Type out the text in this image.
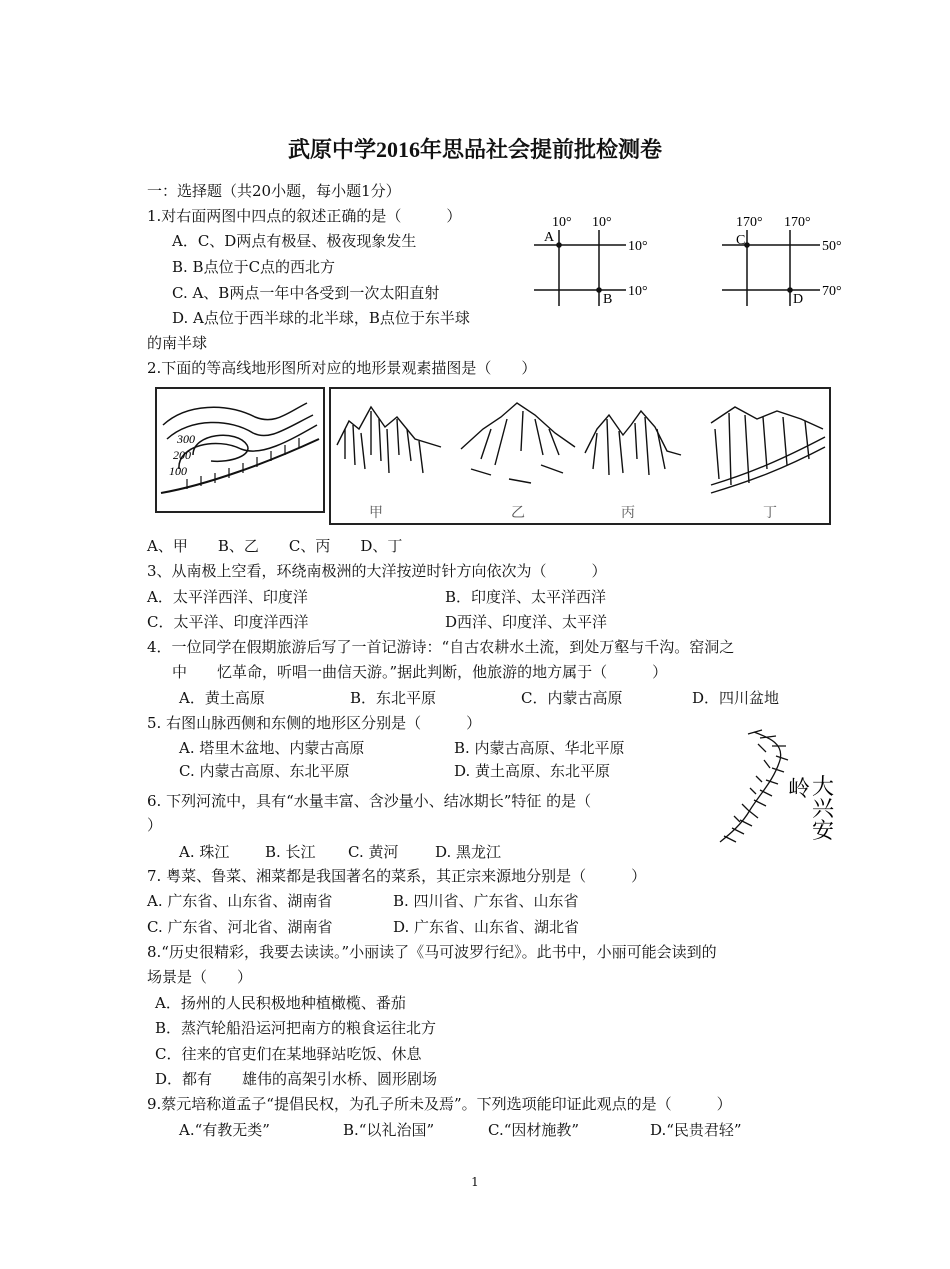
武原中学2016年思品社会提前批检测卷
一：选择题（共20小题，每小题1分）
1.对右面两图中四点的叙述正确的是（　　　）
A．C、D两点有极昼、极夜现象发生
B. B点位于C点的西北方
C. A、B两点一年中各受到一次太阳直射
D. A点位于西半球的北半球，B点位于东半球
的南半球
10° 10°
A
B
10°
10°
170° 170°
C
D
50°
70°
2.下面的等高线地形图所对应的地形景观素描图是（　　）
300
200
100
甲	乙	丙	丁
A、甲　　B、乙　　C、丙　　D、丁
3、从南极上空看，环绕南极洲的大洋按逆时针方向依次为（　　　）
A．太平洋西洋、印度洋	B．印度洋、太平洋西洋
C．太平洋、印度洋西洋	D西洋、印度洋、太平洋
4．一位同学在假期旅游后写了一首记游诗：“自古农耕水土流，到处万壑与千沟。窑洞之
中　　忆革命，听唱一曲信天游。”据此判断，他旅游的地方属于（　　　）
A．黄土高原	B．东北平原	C．内蒙古高原	D．四川盆地
5. 右图山脉西侧和东侧的地形区分别是（　　　）
A. 塔里木盆地、内蒙古高原	B. 内蒙古高原、华北平原
C. 内蒙古高原、东北平原	D. 黄土高原、东北平原
岭 大
兴
安
6. 下列河流中，具有“水量丰富、含沙量小、结冰期长”特征 的是（
）
A. 珠江 B. 长江 C. 黄河 D. 黑龙江
7. 粤菜、鲁菜、湘菜都是我国著名的菜系，其正宗来源地分别是（　　　）
A. 广东省、山东省、湖南省	B. 四川省、广东省、山东省
C. 广东省、河北省、湖南省	D. 广东省、山东省、湖北省
8.“历史很精彩，我要去读读。”小丽读了《马可波罗行纪》。此书中，小丽可能会读到的
场景是（　　）
A．扬州的人民积极地种植橄榄、番茄
B．蒸汽轮船沿运河把南方的粮食运往北方
C．往来的官吏们在某地驿站吃饭、休息
D．都有　　雄伟的高架引水桥、圆形剧场
9.蔡元培称道孟子“提倡民权，为孔子所未及焉”。下列选项能印证此观点的是（　　　）
A.“有教无类”	B.“以礼治国”	C.“因材施教”	D.“民贵君轻”
1
